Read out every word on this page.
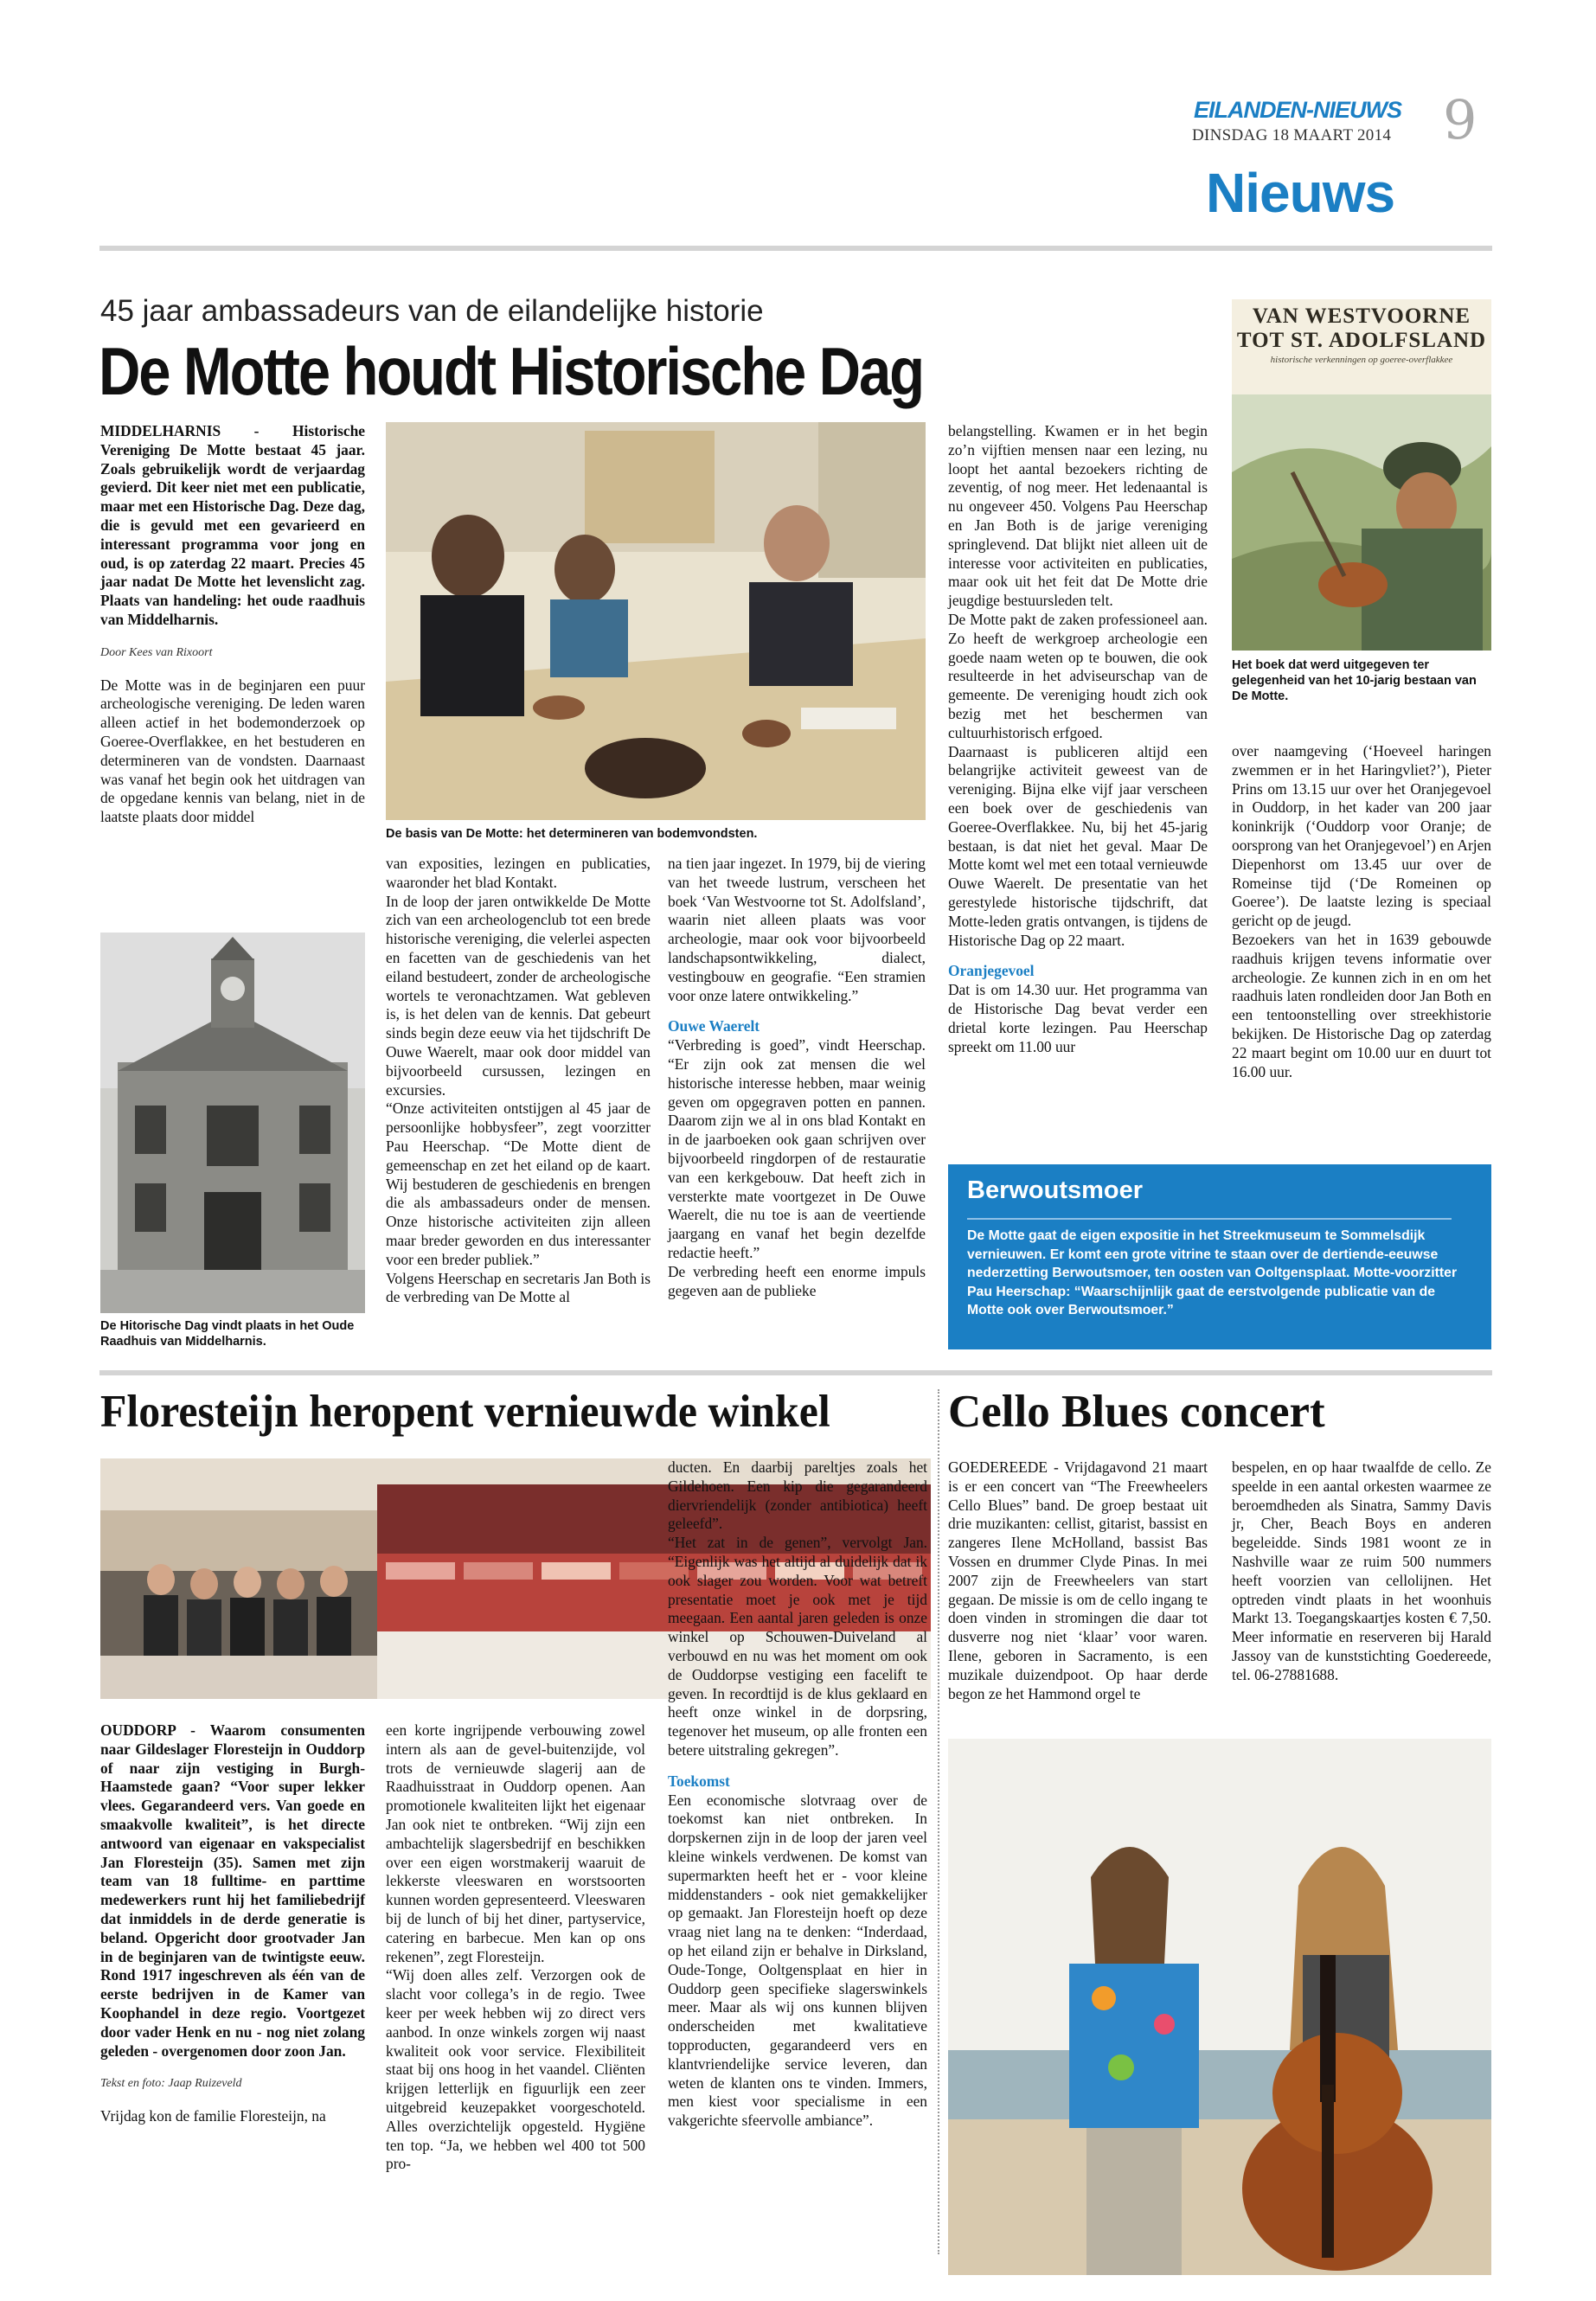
EILANDEN-NIEUWS
DINSDAG 18 MAART 2014 9
Nieuws
45 jaar ambassadeurs van de eilandelijke historie
De Motte houdt Historische Dag

MIDDELHARNIS - Historische Vereniging De Motte bestaat 45 jaar. Zoals gebruikelijk wordt de verjaardag gevierd. Dit keer niet met een publicatie, maar met een Historische Dag. Deze dag, die is gevuld met een gevarieerd en interessant programma voor jong en oud, is op zaterdag 22 maart. Precies 45 jaar nadat De Motte het levenslicht zag. Plaats van handeling: het oude raadhuis van Middelharnis.

Door Kees van Rixoort

De Motte was in de beginjaren een puur archeologische vereniging. De leden waren alleen actief in het bodemonderzoek op Goeree-Overflakkee, en het bestuderen en determineren van de vondsten. Daarnaast was vanaf het begin ook het uitdragen van de opgedane kennis van belang, niet in de laatste plaats door middel

De Hitorische Dag vindt plaats in het Oude Raadhuis van Middelharnis.
De basis van De Motte: het determineren van bodemvondsten.

van exposities, lezingen en publicaties, waaronder het blad Kontakt.

In de loop der jaren ontwikkelde De Motte zich van een archeologenclub tot een brede historische vereniging, die velerlei aspecten en facetten van de geschiedenis van het eiland bestudeert, zonder de archeologische wortels te veronachtzamen. Wat gebleven is, is het delen van de kennis. Dat gebeurt sinds begin deze eeuw via het tijdschrift De Ouwe Waerelt, maar ook door middel van bijvoorbeeld cursussen, lezingen en excursies.

“Onze activiteiten ontstijgen al 45 jaar de persoonlijke hobbysfeer”, zegt voorzitter Pau Heerschap. “De Motte dient de gemeenschap en zet het eiland op de kaart. Wij bestuderen de geschiedenis en brengen die als ambassadeurs onder de mensen. Onze historische activiteiten zijn alleen maar breder geworden en dus interessanter voor een breder publiek.”

Volgens Heerschap en secretaris Jan Both is de verbreding van De Motte al

na tien jaar ingezet. In 1979, bij de viering van het tweede lustrum, verscheen het boek ‘Van Westvoorne tot St. Adolfsland’, waarin niet alleen plaats was voor archeologie, maar ook voor bijvoorbeeld landschapsontwikkeling, dialect, vestingbouw en geografie. “Een stramien voor onze latere ontwikkeling.”

Ouwe Waerelt

“Verbreding is goed”, vindt Heerschap. “Er zijn ook zat mensen die wel historische interesse hebben, maar weinig geven om opgegraven potten en pannen. Daarom zijn we al in ons blad Kontakt en in de jaarboeken ook gaan schrijven over bijvoorbeeld ringdorpen of de restauratie van een kerkgebouw. Dat heeft zich in versterkte mate voortgezet in De Ouwe Waerelt, die nu toe is aan de veertiende jaargang en vanaf het begin dezelfde redactie heeft.”

De verbreding heeft een enorme impuls gegeven aan de publieke

belangstelling. Kwamen er in het begin zo’n vijftien mensen naar een lezing, nu loopt het aantal bezoekers richting de zeventig, of nog meer. Het ledenaantal is nu ongeveer 450. Volgens Pau Heerschap en Jan Both is de jarige vereniging springlevend. Dat blijkt niet alleen uit de interesse voor activiteiten en publicaties, maar ook uit het feit dat De Motte drie jeugdige bestuursleden telt.

De Motte pakt de zaken professioneel aan. Zo heeft de werkgroep archeologie een goede naam weten op te bouwen, die ook resulteerde in het adviseurschap van de gemeente. De vereniging houdt zich ook bezig met het beschermen van cultuurhistorisch erfgoed.

Daarnaast is publiceren altijd een belangrijke activiteit geweest van de vereniging. Bijna elke vijf jaar verscheen een boek over de geschiedenis van Goeree-Overflakkee. Nu, bij het 45-jarig bestaan, is dat niet het geval. Maar De Motte komt wel met een totaal vernieuwde Ouwe Waerelt. De presentatie van het gerestylede historische tijdschrift, dat Motte-leden gratis ontvangen, is tijdens de Historische Dag op 22 maart.

Oranjegevoel

Dat is om 14.30 uur. Het programma van de Historische Dag bevat verder een drietal korte lezingen. Pau Heerschap spreekt om 11.00 uur

VAN WESTVOORNE
TOT ST. ADOLFSLAND
historische verkenningen op goeree-overflakkee
Het boek dat werd uitgegeven ter gelegenheid van het 10-jarig bestaan van De Motte.

over naamgeving (‘Hoeveel haringen zwemmen er in het Haringvliet?’), Pieter Prins om 13.15 uur over het Oranjegevoel in Ouddorp, in het kader van 200 jaar koninkrijk (‘Ouddorp voor Oranje; de oorsprong van het Oranjegevoel’) en Arjen Diepenhorst om 13.45 uur over de Romeinse tijd (‘De Romeinen op Goeree’). De laatste lezing is speciaal gericht op de jeugd.

Bezoekers van het in 1639 gebouwde raadhuis krijgen tevens informatie over archeologie. Ze kunnen zich in en om het raadhuis laten rondleiden door Jan Both en een tentoonstelling over streekhistorie bekijken. De Historische Dag op zaterdag 22 maart begint om 10.00 uur en duurt tot 16.00 uur.

Berwoutsmoer
De Motte gaat de eigen expositie in het Streekmuseum te Sommelsdijk vernieuwen. Er komt een grote vitrine te staan over de dertiende-eeuwse nederzetting Berwoutsmoer, ten oosten van Ooltgensplaat. Motte-voorzitter Pau Heerschap: “Waarschijnlijk gaat de eerstvolgende publicatie van de Motte ook over Berwoutsmoer.”
Floresteijn heropent vernieuwde winkel

OUDDORP - Waarom consumenten naar Gildeslager Floresteijn in Ouddorp of naar zijn vestiging in Burgh-Haamstede gaan? “Voor super lekker vlees. Gegarandeerd vers. Van goede en smaakvolle kwaliteit”, is het directe antwoord van eigenaar en vakspecialist Jan Floresteijn (35). Samen met zijn team van 18 fulltime- en parttime medewerkers runt hij het familiebedrijf dat inmiddels in de derde generatie is beland. Opgericht door grootvader Jan in de beginjaren van de twintigste eeuw. Rond 1917 ingeschreven als één van de eerste bedrijven in de Kamer van Koophandel in deze regio. Voortgezet door vader Henk en nu - nog niet zolang geleden - overgenomen door zoon Jan.

Tekst en foto: Jaap Ruizeveld

Vrijdag kon de familie Floresteijn, na

een korte ingrijpende verbouwing zowel intern als aan de gevel-buitenzijde, vol trots de vernieuwde slagerij aan de Raadhuisstraat in Ouddorp openen. Aan promotionele kwaliteiten lijkt het eigenaar Jan ook niet te ontbreken. “Wij zijn een ambachtelijk slagersbedrijf en beschikken over een eigen worstmakerij waaruit de lekkerste vleeswaren en worstsoorten kunnen worden gepresenteerd. Vleeswaren bij de lunch of bij het diner, partyservice, catering en barbecue. Men kan op ons rekenen”, zegt Floresteijn.

“Wij doen alles zelf. Verzorgen ook de slacht voor collega’s in de regio. Twee keer per week hebben wij zo direct vers aanbod. In onze winkels zorgen wij naast kwaliteit ook voor service. Flexibiliteit staat bij ons hoog in het vaandel. Cliënten krijgen letterlijk en figuurlijk een zeer uitgebreid keuzepakket voorgeschoteld. Alles overzichtelijk opgesteld. Hygiëne ten top. “Ja, we hebben wel 400 tot 500 pro-

ducten. En daarbij pareltjes zoals het Gildehoen. Een kip die gegarandeerd diervriendelijk (zonder antibiotica) heeft geleefd”.

“Het zat in de genen”, vervolgt Jan. “Eigenlijk was het altijd al duidelijk dat ik ook slager zou worden. Voor wat betreft presentatie moet je ook met je tijd meegaan. Een aantal jaren geleden is onze winkel op Schouwen-Duiveland al verbouwd en nu was het moment om ook de Ouddorpse vestiging een facelift te geven. In recordtijd is de klus geklaard en heeft onze winkel in de dorpsring, tegenover het museum, op alle fronten een betere uitstraling gekregen”.

Toekomst

Een economische slotvraag over de toekomst kan niet ontbreken. In dorpskernen zijn in de loop der jaren veel kleine winkels verdwenen. De komst van supermarkten heeft het er - voor kleine middenstanders - ook niet gemakkelijker op gemaakt. Jan Floresteijn hoeft op deze vraag niet lang na te denken: “Inderdaad, op het eiland zijn er behalve in Dirksland, Oude-Tonge, Ooltgensplaat en hier in Ouddorp geen specifieke slagerswinkels meer. Maar als wij ons kunnen blijven onderscheiden met kwalitatieve topproducten, gegarandeerd vers en klantvriendelijke service leveren, dan weten de klanten ons te vinden. Immers, men kiest voor specialisme in een vakgerichte sfeervolle ambiance”.

Cello Blues concert

GOEDEREEDE - Vrijdagavond 21 maart is er een concert van “The Freewheelers Cello Blues” band. De groep bestaat uit drie muzikanten: cellist, gitarist, bassist en zangeres Ilene McHolland, bassist Bas Vossen en drummer Clyde Pinas. In mei 2007 zijn de Freewheelers van start gegaan. De missie is om de cello ingang te doen vinden in stromingen die daar tot dusverre nog niet ‘klaar’ voor waren. Ilene, geboren in Sacramento, is een muzikale duizendpoot. Op haar derde begon ze het Hammond orgel te

bespelen, en op haar twaalfde de cello. Ze speelde in een aantal orkesten waarmee ze beroemdheden als Sinatra, Sammy Davis jr, Cher, Beach Boys en anderen begeleidde. Sinds 1981 woont ze in Nashville waar ze ruim 500 nummers heeft voorzien van cellolijnen. Het optreden vindt plaats in het woonhuis Markt 13. Toegangskaartjes kosten € 7,50. Meer informatie en reserveren bij Harald Jassoy van de kunststichting Goedereede, tel. 06-27881688.
